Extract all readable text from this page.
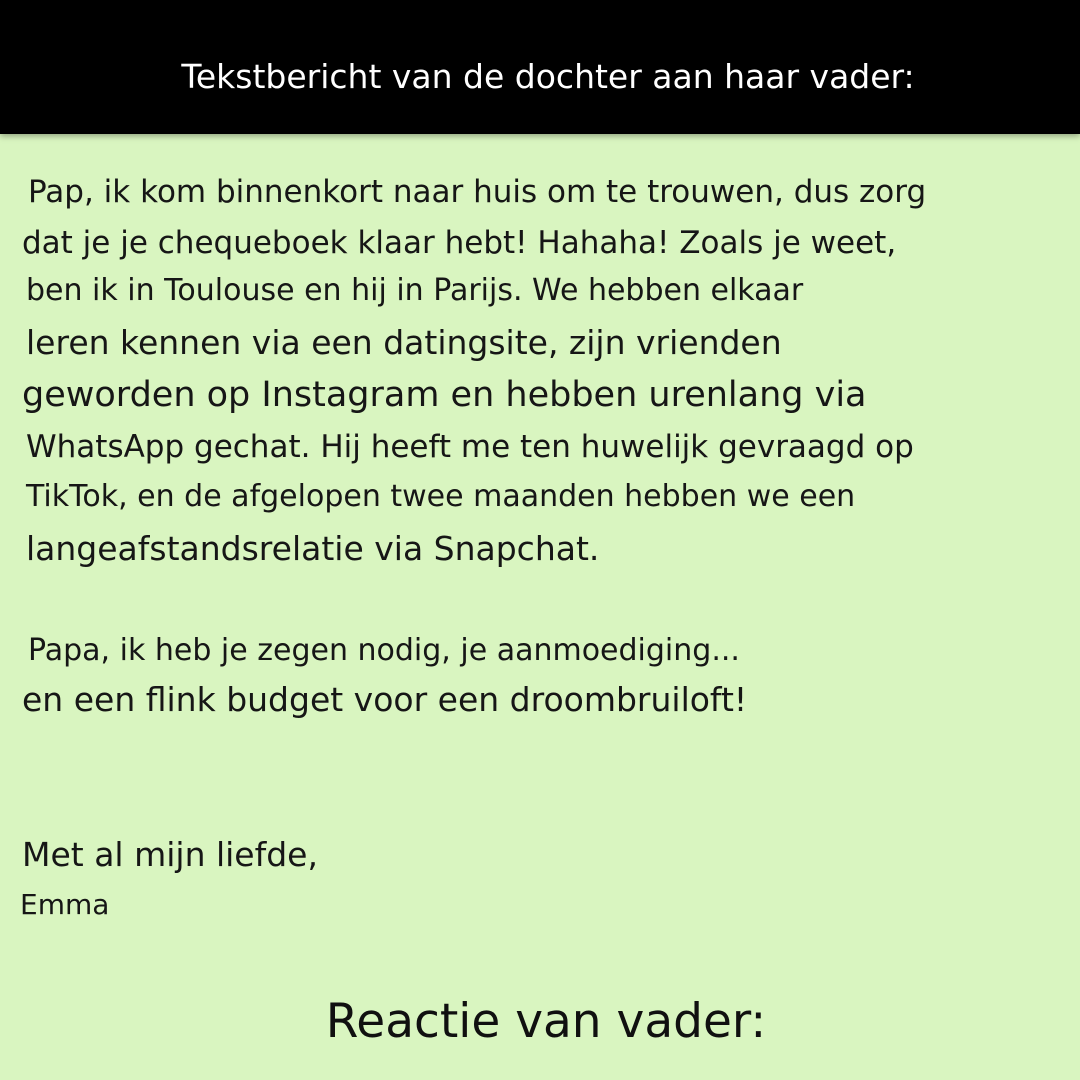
Tekstbericht van de dochter aan haar vader:

Pap, ik kom binnenkort naar huis om te trouwen, dus zorg

dat je je chequeboek klaar hebt! Hahaha! Zoals je weet,

ben ik in Toulouse en hij in Parijs. We hebben elkaar

leren kennen via een datingsite, zijn vrienden

geworden op Instagram en hebben urenlang via

WhatsApp gechat. Hij heeft me ten huwelijk gevraagd op

TikTok, en de afgelopen twee maanden hebben we een

langeafstandsrelatie via Snapchat.

Papa, ik heb je zegen nodig, je aanmoediging...

en een flink budget voor een droombruiloft!

Met al mijn liefde,

Emma

Reactie van vader:
